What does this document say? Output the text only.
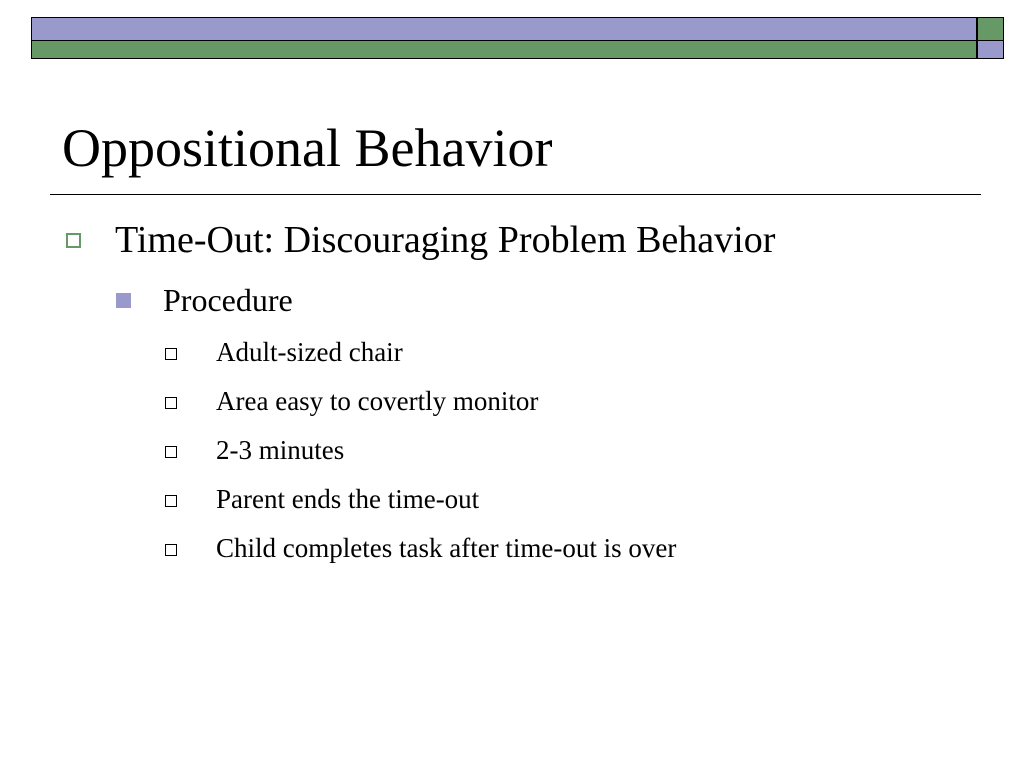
Oppositional Behavior
Time-Out: Discouraging Problem Behavior
Procedure
Adult-sized chair
Area easy to covertly monitor
2-3 minutes
Parent ends the time-out
Child completes task after time-out is over
